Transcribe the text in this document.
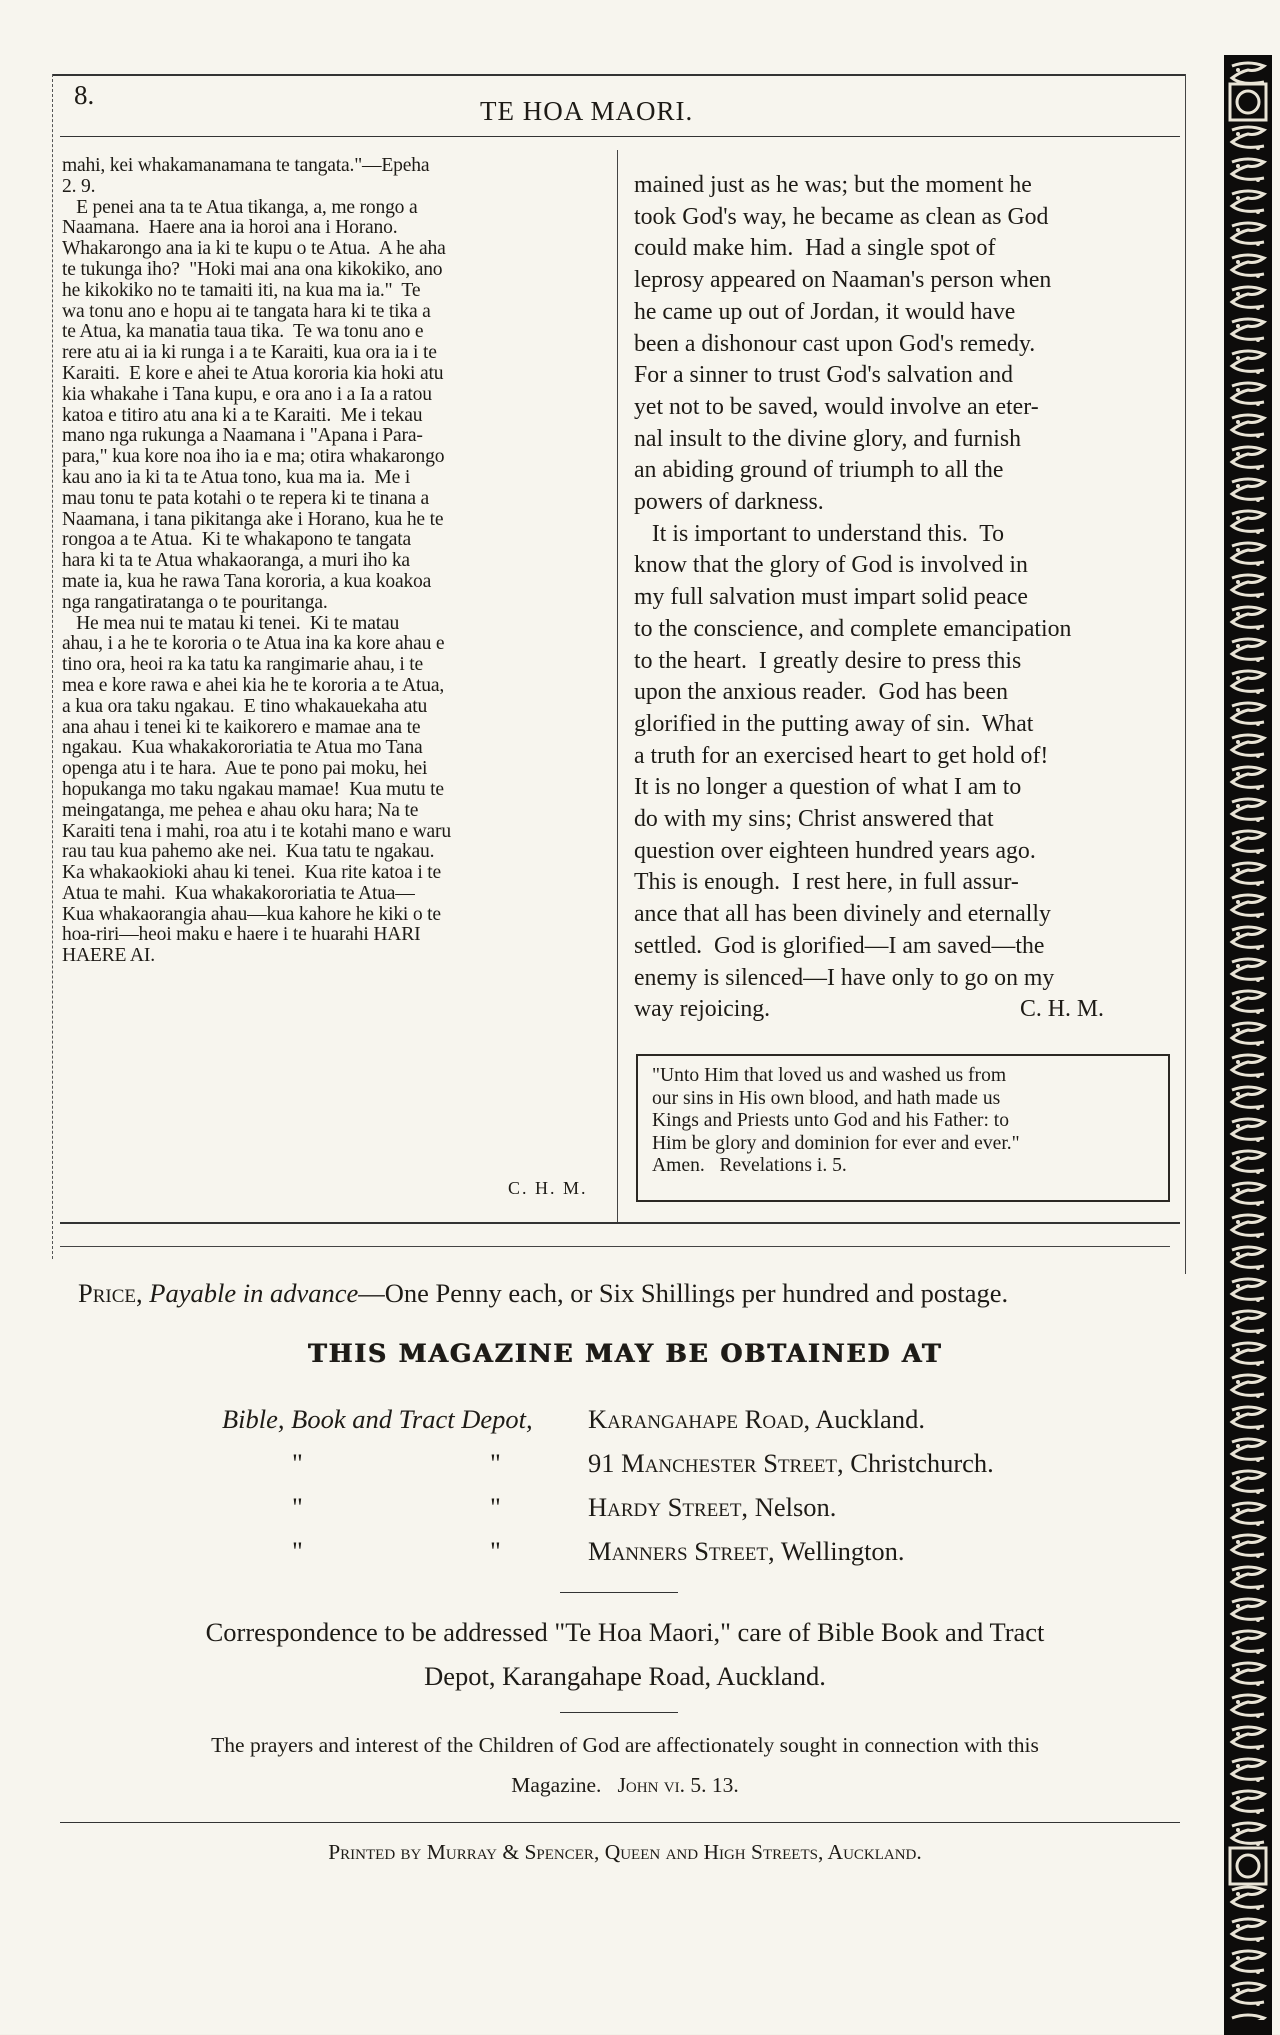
8.
TE HOA MAORI.
mahi, kei whakamanamana te tangata."—Epeha
2. 9.
E penei ana ta te Atua tikanga, a, me rongo a
Naamana.  Haere ana ia horoi ana i Horano.
Whakarongo ana ia ki te kupu o te Atua.  A he aha
te tukunga iho?  "Hoki mai ana ona kikokiko, ano
he kikokiko no te tamaiti iti, na kua ma ia."  Te
wa tonu ano e hopu ai te tangata hara ki te tika a
te Atua, ka manatia taua tika.  Te wa tonu ano e
rere atu ai ia ki runga i a te Karaiti, kua ora ia i te
Karaiti.  E kore e ahei te Atua kororia kia hoki atu
kia whakahe i Tana kupu, e ora ano i a Ia a ratou
katoa e titiro atu ana ki a te Karaiti.  Me i tekau
mano nga rukunga a Naamana i "Apana i Para-
para," kua kore noa iho ia e ma; otira whakarongo
kau ano ia ki ta te Atua tono, kua ma ia.  Me i
mau tonu te pata kotahi o te repera ki te tinana a
Naamana, i tana pikitanga ake i Horano, kua he te
rongoa a te Atua.  Ki te whakapono te tangata
hara ki ta te Atua whakaoranga, a muri iho ka
mate ia, kua he rawa Tana kororia, a kua koakoa
nga rangatiratanga o te pouritanga.
He mea nui te matau ki tenei.  Ki te matau
ahau, i a he te kororia o te Atua ina ka kore ahau e
tino ora, heoi ra ka tatu ka rangimarie ahau, i te
mea e kore rawa e ahei kia he te kororia a te Atua,
a kua ora taku ngakau.  E tino whakauekaha atu
ana ahau i tenei ki te kaikorero e mamae ana te
ngakau.  Kua whakakororiatia te Atua mo Tana
openga atu i te hara.  Aue te pono pai moku, hei
hopukanga mo taku ngakau mamae!  Kua mutu te
meingatanga, me pehea e ahau oku hara; Na te
Karaiti tena i mahi, roa atu i te kotahi mano e waru
rau tau kua pahemo ake nei.  Kua tatu te ngakau.
Ka whakaokioki ahau ki tenei.  Kua rite katoa i te
Atua te mahi.  Kua whakakororiatia te Atua—
Kua whakaorangia ahau—kua kahore he kiki o te
hoa-riri—heoi maku e haere i te huarahi HARI
HAERE AI.
C. H. M.
mained just as he was; but the moment he
took God's way, he became as clean as God
could make him.  Had a single spot of
leprosy appeared on Naaman's person when
he came up out of Jordan, it would have
been a dishonour cast upon God's remedy.
For a sinner to trust God's salvation and
yet not to be saved, would involve an eter-
nal insult to the divine glory, and furnish
an abiding ground of triumph to all the
powers of darkness.
It is important to understand this.  To
know that the glory of God is involved in
my full salvation must impart solid peace
to the conscience, and complete emancipation
to the heart.  I greatly desire to press this
upon the anxious reader.  God has been
glorified in the putting away of sin.  What
a truth for an exercised heart to get hold of!
It is no longer a question of what I am to
do with my sins; Christ answered that
question over eighteen hundred years ago.
This is enough.  I rest here, in full assur-
ance that all has been divinely and eternally
settled.  God is glorified—I am saved—the
enemy is silenced—I have only to go on my
way rejoicing.                                          C. H. M.
"Unto Him that loved us and washed us from
our sins in His own blood, and hath made us
Kings and Priests unto God and his Father: to
Him be glory and dominion for ever and ever."
Amen.   Revelations i. 5.
Price, Payable in advance—One Penny each, or Six Shillings per hundred and postage.
THIS MAGAZINE MAY BE OBTAINED AT
Bible, Book and Tract Depot, Karangahape Road, Auckland.
"	"	91 Manchester Street, Christchurch.
"	"	Hardy Street, Nelson.
"	"	Manners Street, Wellington.
Correspondence to be addressed "Te Hoa Maori," care of Bible Book and Tract
Depot, Karangahape Road, Auckland.
The prayers and interest of the Children of God are affectionately sought in connection with this
Magazine. John vi. 5. 13.
Printed by Murray & Spencer, Queen and High Streets, Auckland.
